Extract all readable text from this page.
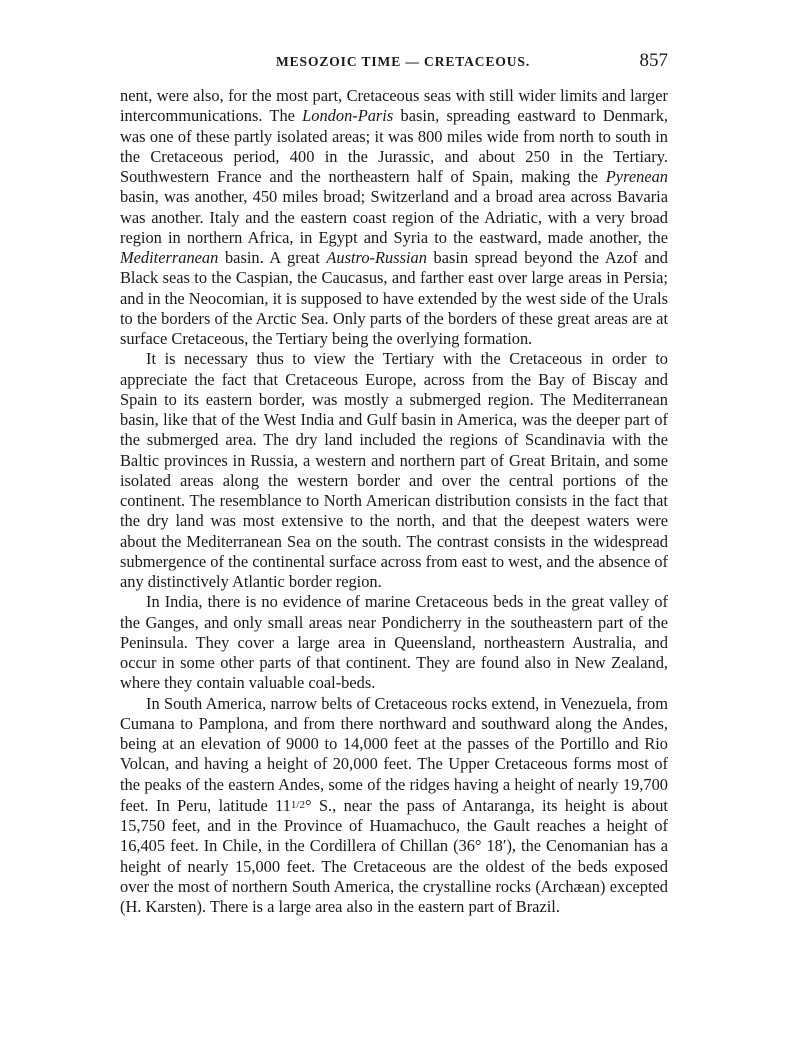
MESOZOIC TIME — CRETACEOUS.	857

nent, were also, for the most part, Cretaceous seas with still wider limits and larger intercommunications. The London-Paris basin, spreading eastward to Denmark, was one of these partly isolated areas; it was 800 miles wide from north to south in the Cretaceous period, 400 in the Jurassic, and about 250 in the Tertiary. Southwestern France and the northeastern half of Spain, making the Pyrenean basin, was another, 450 miles broad; Switzerland and a broad area across Bavaria was another. Italy and the eastern coast region of the Adriatic, with a very broad region in northern Africa, in Egypt and Syria to the eastward, made another, the Mediterranean basin. A great Austro-Russian basin spread beyond the Azof and Black seas to the Caspian, the Caucasus, and farther east over large areas in Persia; and in the Neocomian, it is supposed to have extended by the west side of the Urals to the borders of the Arctic Sea. Only parts of the borders of these great areas are at surface Cretaceous, the Tertiary being the overlying formation.

It is necessary thus to view the Tertiary with the Cretaceous in order to appreciate the fact that Cretaceous Europe, across from the Bay of Biscay and Spain to its eastern border, was mostly a submerged region. The Mediterranean basin, like that of the West India and Gulf basin in America, was the deeper part of the submerged area. The dry land included the regions of Scandinavia with the Baltic provinces in Russia, a western and northern part of Great Britain, and some isolated areas along the western border and over the central portions of the continent. The resemblance to North American distribution consists in the fact that the dry land was most extensive to the north, and that the deepest waters were about the Mediterranean Sea on the south. The contrast consists in the widespread submergence of the continental surface across from east to west, and the absence of any distinctively Atlantic border region.

In India, there is no evidence of marine Cretaceous beds in the great valley of the Ganges, and only small areas near Pondicherry in the southeastern part of the Peninsula. They cover a large area in Queensland, northeastern Australia, and occur in some other parts of that continent. They are found also in New Zealand, where they contain valuable coal-beds.

In South America, narrow belts of Cretaceous rocks extend, in Venezuela, from Cumana to Pamplona, and from there northward and southward along the Andes, being at an elevation of 9000 to 14,000 feet at the passes of the Portillo and Rio Volcan, and having a height of 20,000 feet. The Upper Cretaceous forms most of the peaks of the eastern Andes, some of the ridges having a height of nearly 19,700 feet. In Peru, latitude 111/2° S., near the pass of Antaranga, its height is about 15,750 feet, and in the Province of Huamachuco, the Gault reaches a height of 16,405 feet. In Chile, in the Cordillera of Chillan (36° 18′), the Cenomanian has a height of nearly 15,000 feet. The Cretaceous are the oldest of the beds exposed over the most of northern South America, the crystalline rocks (Archæan) excepted (H. Karsten). There is a large area also in the eastern part of Brazil.
